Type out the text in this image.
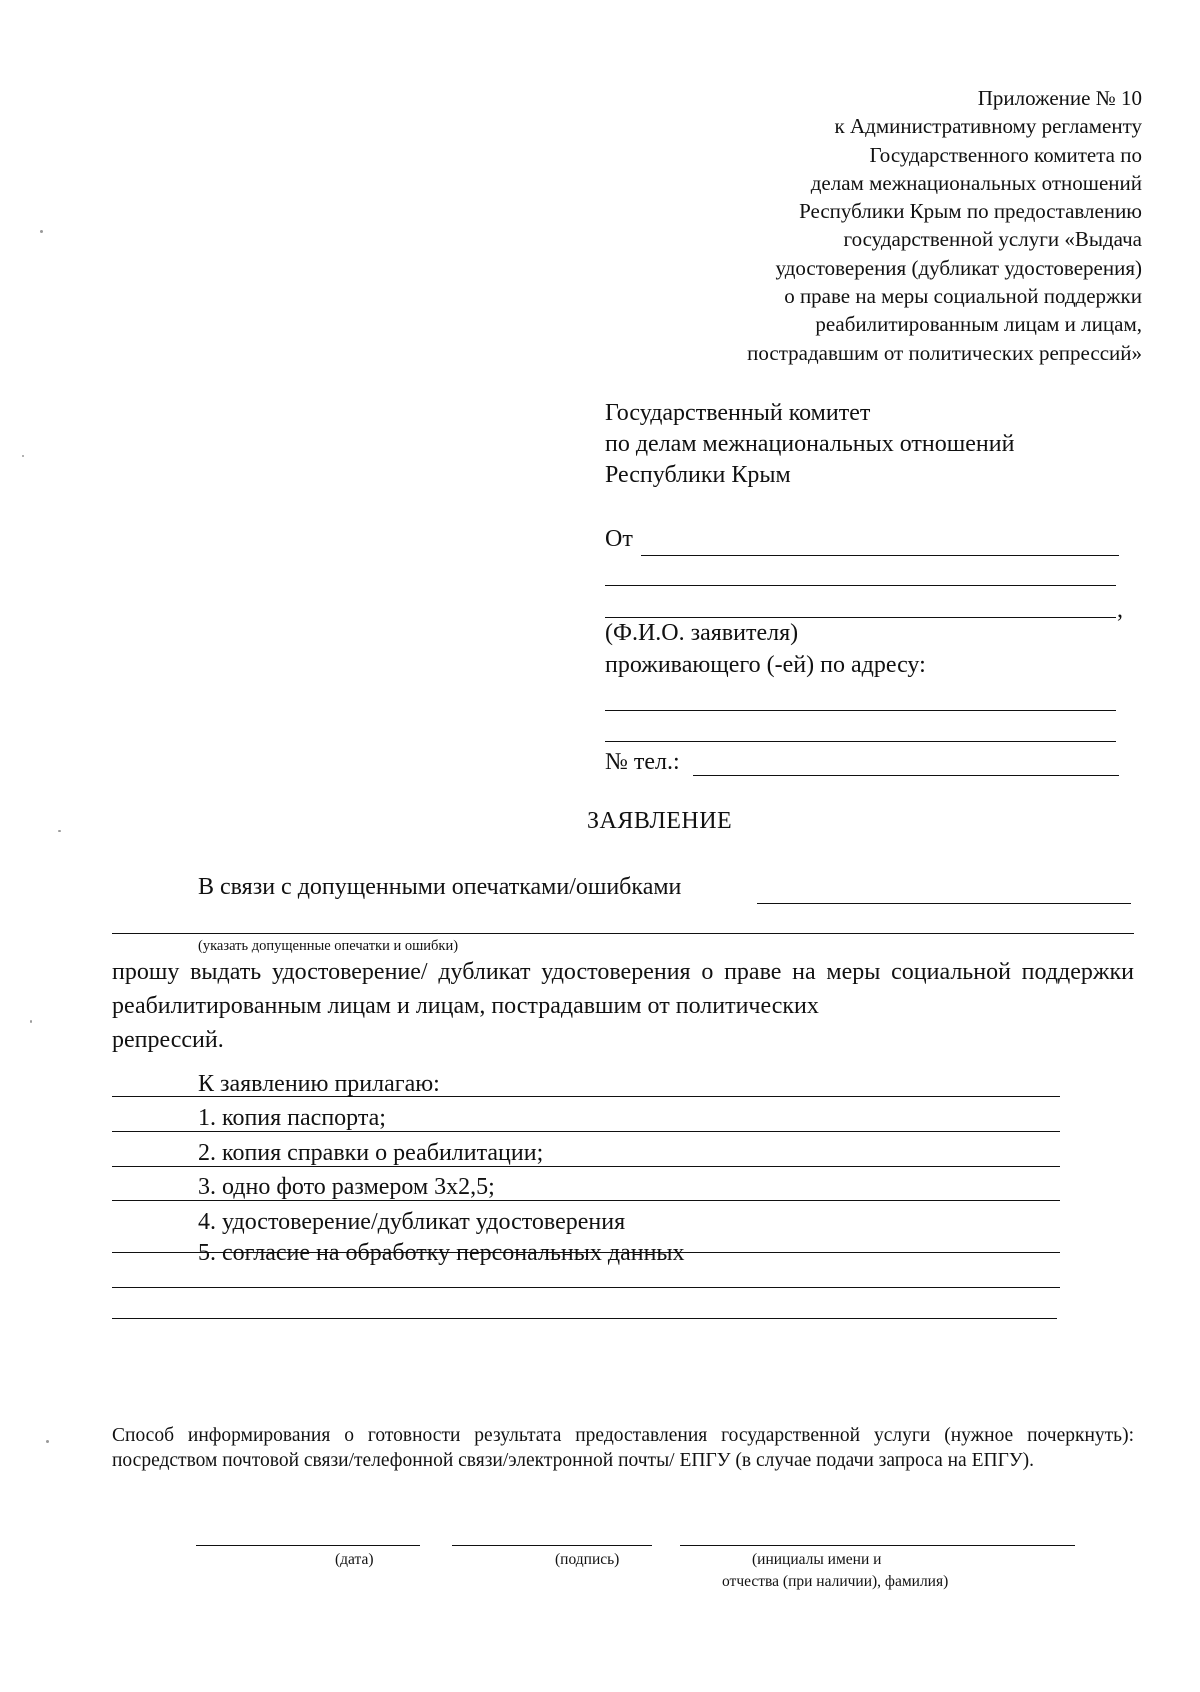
Приложение № 10
к Административному регламенту
Государственного комитета по
делам межнациональных отношений
Республики Крым по предоставлению
государственной услуги «Выдача
удостоверения (дубликат удостоверения)
о праве на меры социальной поддержки
реабилитированным лицам и лицам,
пострадавшим от политических репрессий»
Государственный комитет
по делам межнациональных отношений
Республики Крым
От
,
(Ф.И.О. заявителя)
проживающего (-ей) по адресу:
№ тел.:
ЗАЯВЛЕНИЕ
В связи с допущенными опечатками/ошибками
(указать допущенные опечатки и ошибки)
прошу выдать удостоверение/ дубликат удостоверения о праве на меры социальной поддержки реабилитированным лицам и лицам, пострадавшим от политических
репрессий.
К заявлению прилагаю:
1. копия паспорта;
2. копия справки о реабилитации;
3. одно фото размером 3х2,5;
4. удостоверение/дубликат удостоверения
5. согласие на обработку персональных данных
Способ информирования о готовности результата предоставления государственной услуги (нужное почеркнуть): посредством почтовой связи/телефонной связи/электронной почты/ ЕПГУ (в случае подачи запроса на ЕПГУ).
(дата)	(подпись)	(инициалы имени и
отчества (при наличии), фамилия)
